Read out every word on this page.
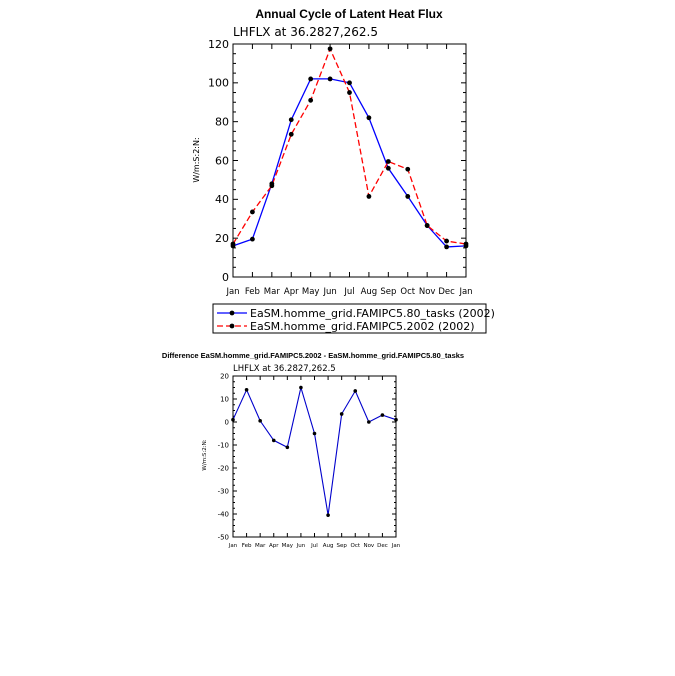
Annual Cycle of Latent Heat Flux
LHFLX at 36.2827,262.5
W/m:S:2:N:
0
20
40
60
80
100
120
Jan Feb Mar Apr May Jun Jul Aug Sep Oct Nov Dec Jan
EaSM.homme_grid.FAMIPC5.80_tasks (2002)
EaSM.homme_grid.FAMIPC5.2002 (2002)
Difference EaSM.homme_grid.FAMIPC5.2002 - EaSM.homme_grid.FAMIPC5.80_tasks
LHFLX at 36.2827,262.5
W/m:S:2:N:
-50
-40
-30
-20
-10
0
10
20
Jan Feb Mar Apr May Jun Jul Aug Sep Oct Nov Dec Jan
